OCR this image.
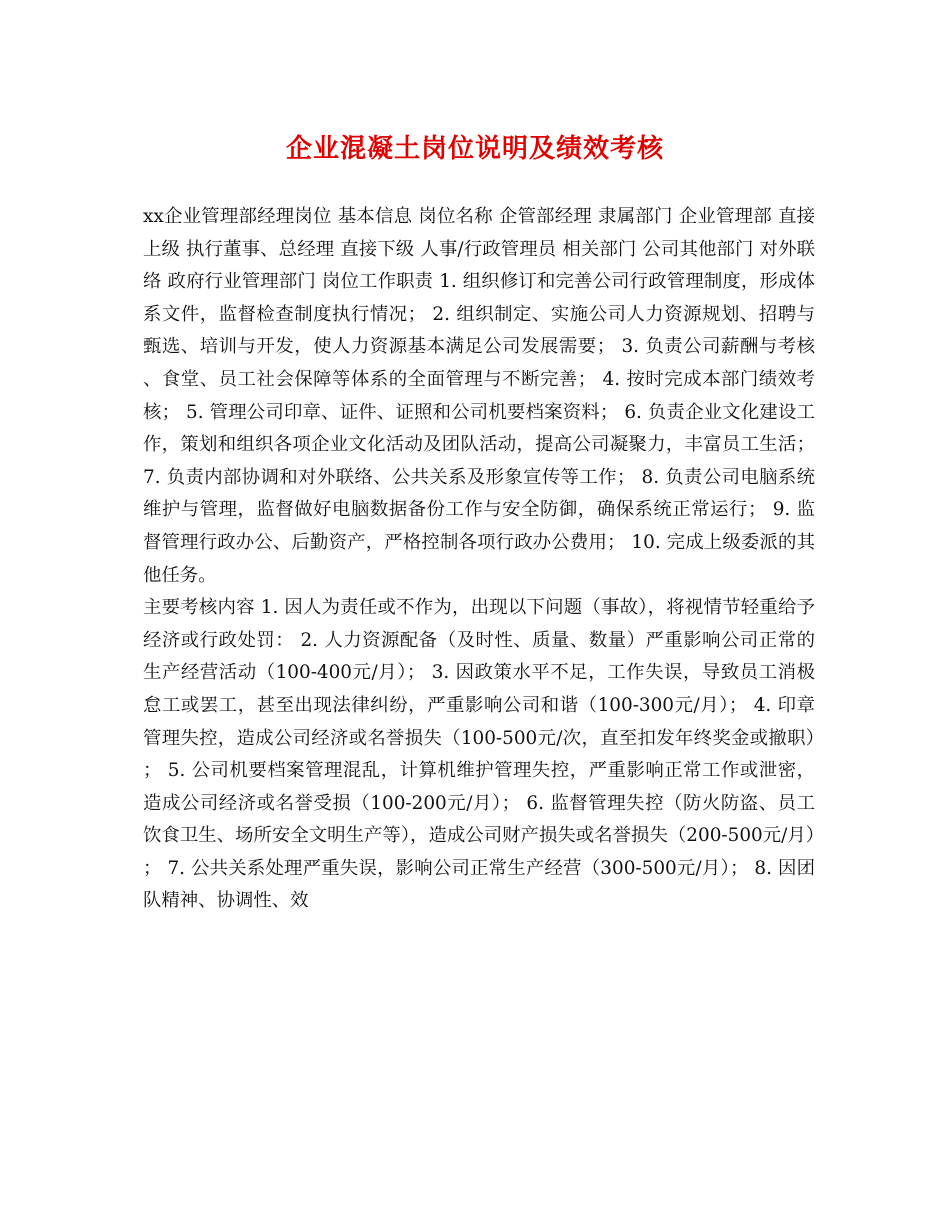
企业混凝土岗位说明及绩效考核

xx企业管理部经理岗位 基本信息 岗位名称 企管部经理 隶属部门 企业管理部 直接上级 执行董事、总经理 直接下级 人事/行政管理员 相关部门 公司其他部门 对外联络 政府行业管理部门 岗位工作职责 1. 组织修订和完善公司行政管理制度，形成体系文件，监督检查制度执行情况； 2. 组织制定、实施公司人力资源规划、招聘与甄选、培训与开发，使人力资源基本满足公司发展需要； 3. 负责公司薪酬与考核、食堂、员工社会保障等体系的全面管理与不断完善； 4. 按时完成本部门绩效考核； 5. 管理公司印章、证件、证照和公司机要档案资料； 6. 负责企业文化建设工作，策划和组织各项企业文化活动及团队活动，提高公司凝聚力，丰富员工生活； 7. 负责内部协调和对外联络、公共关系及形象宣传等工作； 8. 负责公司电脑系统维护与管理，监督做好电脑数据备份工作与安全防御，确保系统正常运行； 9. 监督管理行政办公、后勤资产，严格控制各项行政办公费用； 10. 完成上级委派的其他任务。

主要考核内容 1. 因人为责任或不作为，出现以下问题（事故），将视情节轻重给予经济或行政处罚： 2. 人力资源配备（及时性、质量、数量）严重影响公司正常的生产经营活动（100-400元/月）； 3. 因政策水平不足，工作失误，导致员工消极怠工或罢工，甚至出现法律纠纷，严重影响公司和谐（100-300元/月）； 4. 印章管理失控，造成公司经济或名誉损失（100-500元/次，直至扣发年终奖金或撤职）； 5. 公司机要档案管理混乱，计算机维护管理失控，严重影响正常工作或泄密，造成公司经济或名誉受损（100-200元/月）； 6. 监督管理失控（防火防盗、员工饮食卫生、场所安全文明生产等），造成公司财产损失或名誉损失（200-500元/月）； 7. 公共关系处理严重失误，影响公司正常生产经营（300-500元/月）； 8. 因团队精神、协调性、效
